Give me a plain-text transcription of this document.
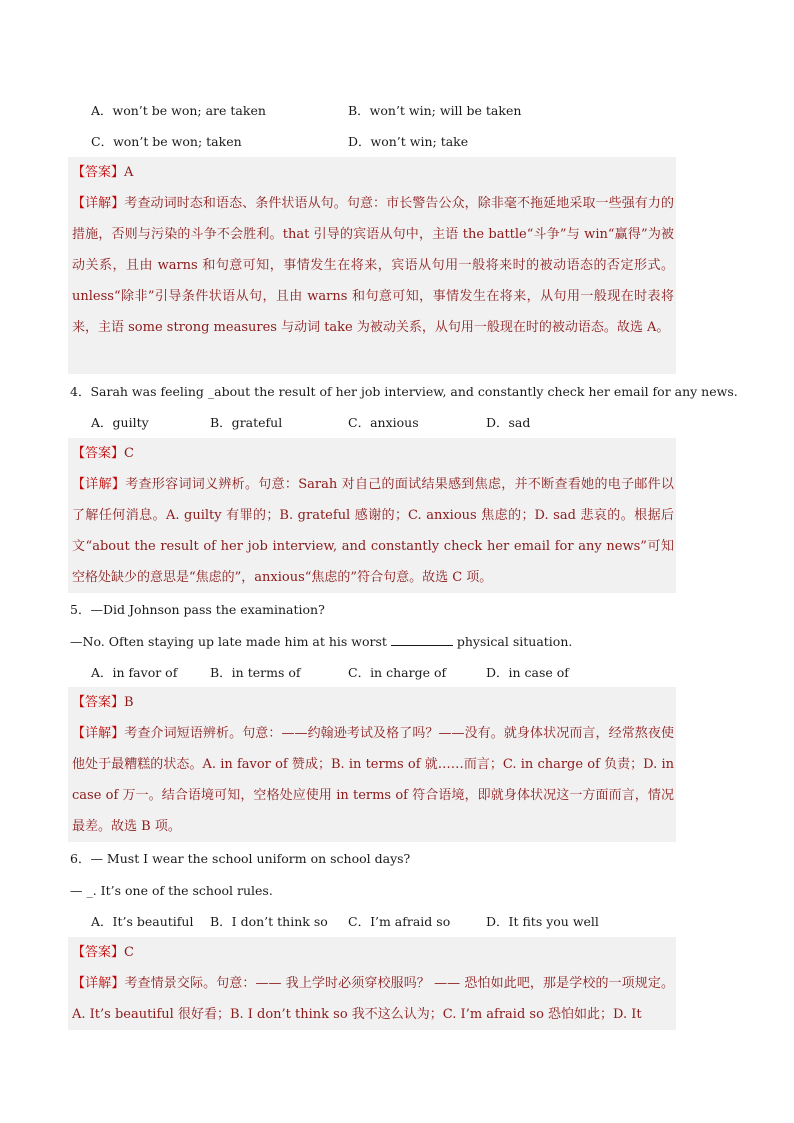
A．won’t be won; are taken	B．won’t win; will be taken
C．won’t be won; taken	D．won’t win; take
【答案】A
【详解】考查动词时态和语态、条件状语从句。句意：市长警告公众，除非毫不拖延地采取一些强有力的措施，否则与污染的斗争不会胜利。that 引导的宾语从句中，主语 the battle“斗争”与 win“赢得”为被动关系，且由 warns 和句意可知，事情发生在将来，宾语从句用一般将来时的被动语态的否定形式。unless“除非”引导条件状语从句，且由 warns 和句意可知，事情发生在将来，从句用一般现在时表将来，主语 some strong measures 与动词 take 为被动关系，从句用一般现在时的被动语态。故选 A。
4．Sarah was feeling _about the result of her job interview, and constantly check her email for any news.
A．guilty	B．grateful	C．anxious	D．sad
【答案】C
【详解】考查形容词词义辨析。句意：Sarah 对自己的面试结果感到焦虑，并不断查看她的电子邮件以了解任何消息。A. guilty 有罪的；B. grateful 感谢的；C. anxious 焦虑的；D. sad 悲哀的。根据后文“about the result of her job interview, and constantly check her email for any news”可知空格处缺少的意思是“焦虑的”，anxious“焦虑的”符合句意。故选 C 项。
5．—Did Johnson pass the examination?
—No. Often staying up late made him at his worst	physical situation.
A．in favor of	B．in terms of	C．in charge of	D．in case of
【答案】B
【详解】考查介词短语辨析。句意：——约翰逊考试及格了吗？——没有。就身体状况而言，经常熬夜使他处于最糟糕的状态。A. in favor of 赞成；B. in terms of 就……而言；C. in charge of 负责；D. in case of 万一。结合语境可知，空格处应使用 in terms of 符合语境，即就身体状况这一方面而言，情况最差。故选 B 项。
6．— Must I wear the school uniform on school days?
— _. It’s one of the school rules.
A．It’s beautiful B．I don’t think so C．I’m afraid so	D．It fits you well
【答案】C
【详解】考查情景交际。句意：—— 我上学时必须穿校服吗？ —— 恐怕如此吧，那是学校的一项规定。A. It’s beautiful 很好看；B. I don’t think so 我不这么认为；C. I’m afraid so 恐怕如此；D. It
